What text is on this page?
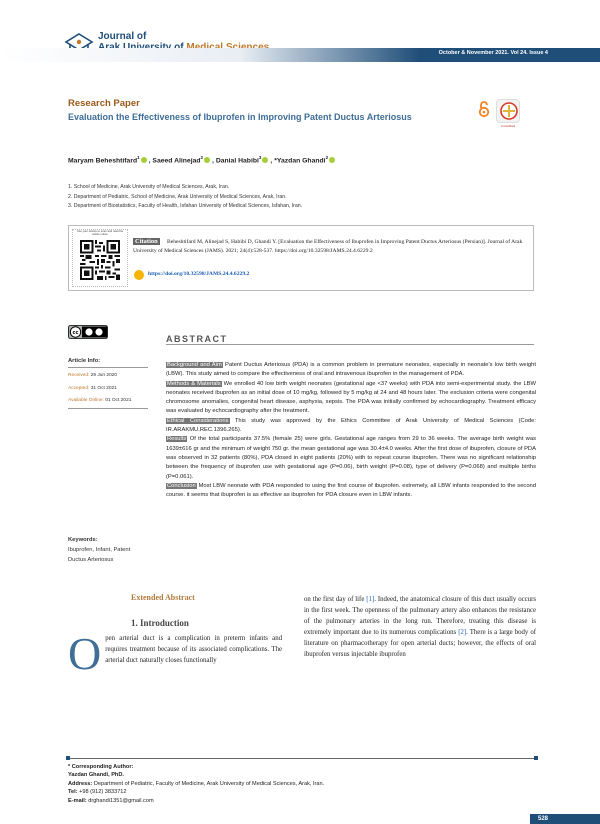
Journal of
October & November 2021. Vol 24. Issue 4
Research Paper
Evaluation the Effectiveness of Ibuprofen in Improving Patent Ductus Arteriosus
CrossMark
Maryam Beheshtifard$^1$ , Saeed Alinejad$^2$ , Danial Habibi$^3$ , *Yazdan Ghandi$^2$
1. School of Medicine, Arak University of Medical Sciences, Arak, Iran.
2. Department of Pediatric, School of Medicine, Arak University of Medical Sciences, Arak, Iran.
3. Department of Biostatistics, Faculty of Health, Isfahan University of Medical Sciences, Isfahan, Iran.
Use your device to scan and read the article online
Beheshtifard M, Alinejad S, Habibi D, Ghandi Y. [Evaluation the Effectiveness of Ibuprofen in Improving Patent Ductus Arteriosus (Persian)]. Journal of Arak University of Medical Sciences (JAMS). 2021; 24(4):528-537. https://doi.org/10.32598/JAMS.24.4.6229.2
Citation
https://doi.org/10.32598/JAMS.24.4.6229.2
cc
ABSTRACT
Article Info:
Received: 29 Jun 2020
Accepted: 31 Oct 2021
Available Online: 01 Oct 2021
Keywords:
Ibuprofen, Infant, Patent Ductus Arteriosus

Background and Aim Patent Ductus Arteriosus (PDA) is a common problem in premature neonates, especially in neonate's low birth weight (LBW). This study aimed to compare the effectiveness of oral and intravenous ibuprofen in the management of PDA.

Methods & Materials We enrolled 40 low birth weight neonates (gestational age <37 weeks) with PDA into semi-experimental study. the LBW neonates received ibuprofen as an initial dose of 10 mg/kg, followed by 5 mg/kg at 24 and 48 hours later. The exclusion criteria were congenital chromosome anomalies, congenital heart disease, asphyxia, sepsis. The PDA was initially confirmed by echocardiography. Treatment efficacy was evaluated by echocardiography after the treatment.

Ethical Considerations This study was approved by the Ethics Committee of Arak University of Medical Sciences (Code: IR.ARAKMU.REC.1396.265).

Results Of the total participants 37.5% (female 25) were girls. Gestational age ranges from 29 to 36 weeks. The average birth weight was 1639±616 gr and the minimum of weight 750 gr. the mean gestational age was 30.4±4.0 weeks. After the first dose of ibuprofen, closure of PDA was observed in 32 patients (80%), PDA closed in eight patients (20%) with to repeat course ibuprofen. There was no significant relationship between the frequency of ibuprofen use with gestational age (P=0.06), birth weight (P=0.08), type of delivery (P=0.068) and multiple births (P=0.061).

Conclusion Most LBW neonate with PDA responded to using the first course of ibuprofen. extremely, all LBW infants responded to the second course. it seems that ibuprofen is as effective as ibuprofen for PDA closure even in LBW infants.

Extended Abstract
1. Introduction
Open arterial duct is a complication in preterm infants and requires treatment because of its associated complications. The arterial duct naturally closes functionally
on the first day of life [1]. Indeed, the anatomical closure of this duct usually occurs in the first week. The openness of the pulmonary artery also enhances the resistance of the pulmonary arteries in the long run. Therefore, treating this disease is extremely important due to its numerous complications [2]. There is a large body of literature on pharmacotherapy for open arterial ducts; however, the effects of oral ibuprofen versus injectable ibuprofen
* Corresponding Author:
Yazdan Ghandi, PhD.
Address: Department of Pediatric, Faculty of Medicine, Arak University of Medical Sciences, Arak, Iran.
Tel: +98 (912) 3833712
E-mail: drghandi1351@gmail.com
528
